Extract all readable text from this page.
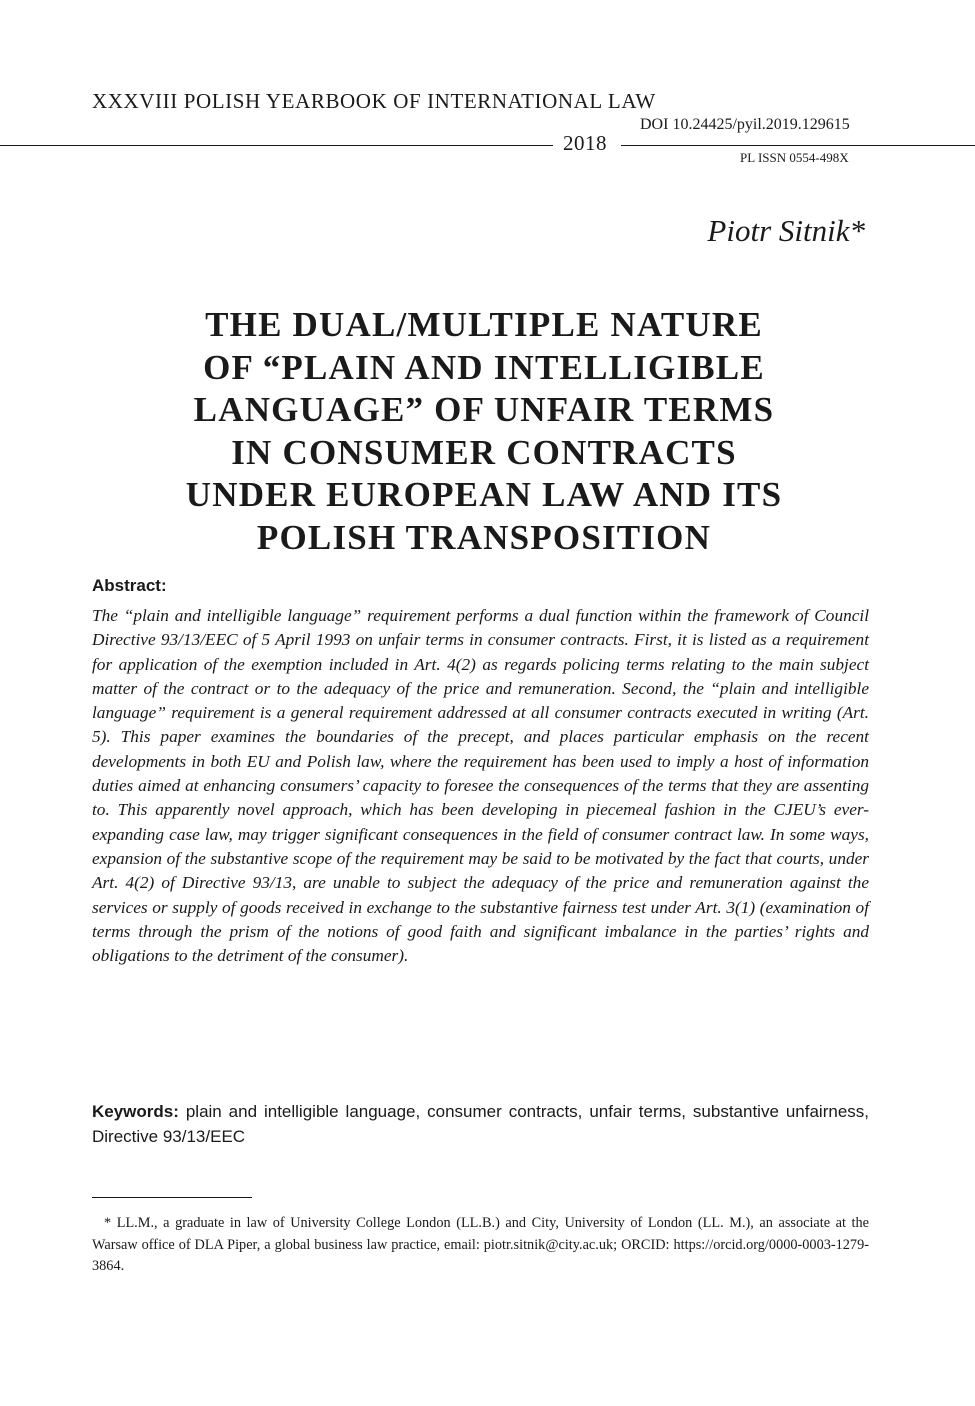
XXXVIII POLISH YEARBOOK OF INTERNATIONAL LAW
2018
DOI 10.24425/pyil.2019.129615
PL ISSN 0554-498X
Piotr Sitnik*
THE DUAL/MULTIPLE NATURE
OF “PLAIN AND INTELLIGIBLE
LANGUAGE” OF UNFAIR TERMS
IN CONSUMER CONTRACTS
UNDER EUROPEAN LAW AND ITS
POLISH TRANSPOSITION
Abstract:

The “plain and intelligible language” requirement performs a dual function within the framework of Council Directive 93/13/EEC of 5 April 1993 on unfair terms in consumer contracts. First, it is listed as a requirement for application of the exemption included in Art. 4(2) as regards policing terms relating to the main subject matter of the contract or to the adequacy of the price and remuneration. Second, the “plain and intelligible language” requirement is a general requirement addressed at all consumer contracts executed in writing (Art. 5). This paper examines the boundaries of the precept, and places particular emphasis on the recent developments in both EU and Polish law, where the requirement has been used to imply a host of information duties aimed at enhancing consumers’ capacity to foresee the consequences of the terms that they are assenting to. This apparently novel approach, which has been developing in piecemeal fashion in the CJEU’s ever-expanding case law, may trigger significant consequences in the field of consumer contract law. In some ways, expansion of the substantive scope of the requirement may be said to be motivated by the fact that courts, under Art. 4(2) of Directive 93/13, are unable to subject the adequacy of the price and remuneration against the services or supply of goods received in exchange to the substantive fairness test under Art. 3(1) (examination of terms through the prism of the notions of good faith and significant imbalance in the parties’ rights and obligations to the detriment of the consumer).

Keywords: plain and intelligible language, consumer contracts, unfair terms, substantive unfairness, Directive 93/13/EEC

* LL.M., a graduate in law of University College London (LL.B.) and City, University of London (LL. M.), an associate at the Warsaw office of DLA Piper, a global business law practice, email: piotr.sitnik@city.ac.uk; ORCID: https://orcid.org/0000-0003-1279-3864.
